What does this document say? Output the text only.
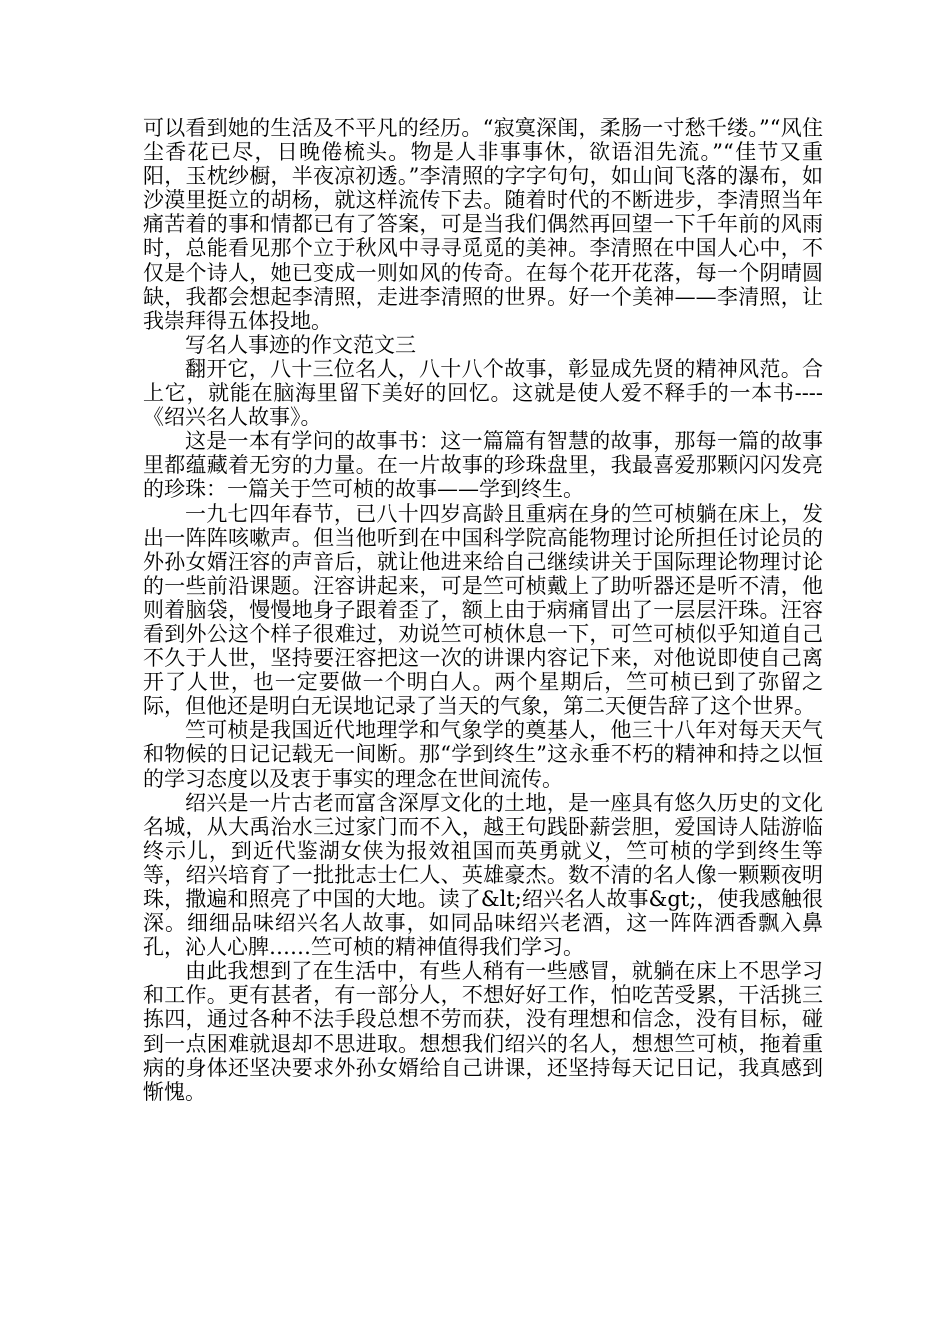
可以看到她的生活及不平凡的经历。“寂寞深闺，柔肠一寸愁千缕。”“风住尘香花已尽，日晚倦梳头。物是人非事事休，欲语泪先流。”“佳节又重阳，玉枕纱橱，半夜凉初透。”李清照的字字句句，如山间飞落的瀑布，如沙漠里挺立的胡杨，就这样流传下去。随着时代的不断进步，李清照当年痛苦着的事和情都已有了答案，可是当我们偶然再回望一下千年前的风雨时，总能看见那个立于秋风中寻寻觅觅的美神。李清照在中国人心中，不仅是个诗人，她已变成一则如风的传奇。在每个花开花落，每一个阴晴圆缺，我都会想起李清照，走进李清照的世界。好一个美神——李清照，让我崇拜得五体投地。

写名人事迹的作文范文三

翻开它，八十三位名人，八十八个故事，彰显成先贤的精神风范。合上它，就能在脑海里留下美好的回忆。这就是使人爱不释手的一本书----《绍兴名人故事》。

这是一本有学问的故事书：这一篇篇有智慧的故事，那每一篇的故事里都蕴藏着无穷的力量。在一片故事的珍珠盘里，我最喜爱那颗闪闪发亮的珍珠：一篇关于竺可桢的故事——学到终生。

一九七四年春节，已八十四岁高龄且重病在身的竺可桢躺在床上，发出一阵阵咳嗽声。但当他听到在中国科学院高能物理讨论所担任讨论员的外孙女婿汪容的声音后，就让他进来给自己继续讲关于国际理论物理讨论的一些前沿课题。汪容讲起来，可是竺可桢戴上了助听器还是听不清，他则着脑袋，慢慢地身子跟着歪了，额上由于病痛冒出了一层层汗珠。汪容看到外公这个样子很难过，劝说竺可桢休息一下，可竺可桢似乎知道自己不久于人世，坚持要汪容把这一次的讲课内容记下来，对他说即使自己离开了人世，也一定要做一个明白人。两个星期后，竺可桢已到了弥留之际，但他还是明白无误地记录了当天的气象，第二天便告辞了这个世界。

竺可桢是我国近代地理学和气象学的奠基人，他三十八年对每天天气和物候的日记记载无一间断。那“学到终生”这永垂不朽的精神和持之以恒的学习态度以及衷于事实的理念在世间流传。

绍兴是一片古老而富含深厚文化的土地，是一座具有悠久历史的文化名城，从大禹治水三过家门而不入，越王句践卧薪尝胆，爱国诗人陆游临终示儿，到近代鉴湖女侠为报效祖国而英勇就义，竺可桢的学到终生等等，绍兴培育了一批批志士仁人、英雄豪杰。数不清的名人像一颗颗夜明珠，撒遍和照亮了中国的大地。读了&lt;绍兴名人故事&gt;，使我感触很深。细细品味绍兴名人故事，如同品味绍兴老酒，这一阵阵洒香飘入鼻孔，沁人心脾……竺可桢的精神值得我们学习。

由此我想到了在生活中，有些人稍有一些感冒，就躺在床上不思学习和工作。更有甚者，有一部分人，不想好好工作，怕吃苦受累，干活挑三拣四，通过各种不法手段总想不劳而获，没有理想和信念，没有目标，碰到一点困难就退却不思进取。想想我们绍兴的名人，想想竺可桢，拖着重病的身体还坚决要求外孙女婿给自己讲课，还坚持每天记日记，我真感到惭愧。
